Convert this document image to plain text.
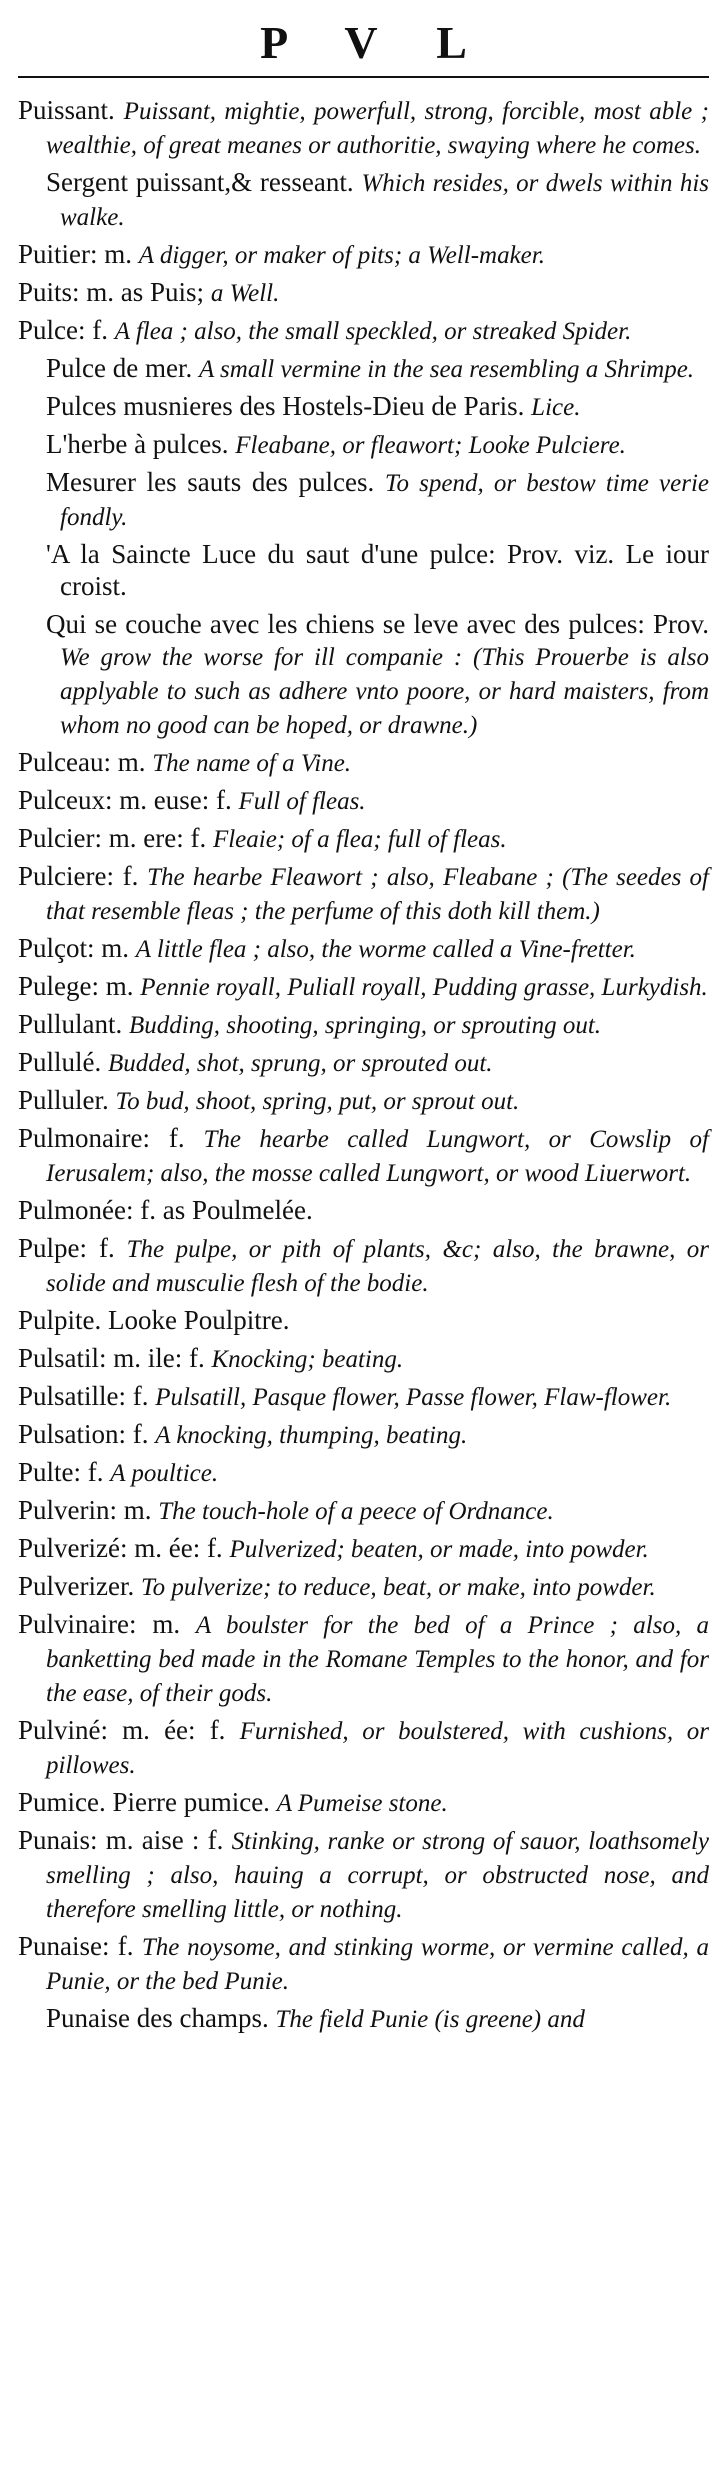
P V L

Puissant. Puissant, mightie, powerfull, strong, forcible, most able ; wealthie, of great meanes or authoritie, swaying where he comes.

Sergent puissant,& resseant. Which resides, or dwels within his walke.

Puitier: m. A digger, or maker of pits; a Well-maker.

Puits: m. as Puis; a Well.

Pulce: f. A flea ; also, the small speckled, or streaked Spider.

Pulce de mer. A small vermine in the sea resembling a Shrimpe.

Pulces musnieres des Hostels-Dieu de Paris. Lice.

L'herbe à pulces. Fleabane, or fleawort; Looke Pulciere.

Mesurer les sauts des pulces. To spend, or bestow time verie fondly.

'A la Saincte Luce du saut d'une pulce: Prov. viz. Le iour croist.

Qui se couche avec les chiens se leve avec des pulces: Prov. We grow the worse for ill companie : (This Prouerbe is also applyable to such as adhere vnto poore, or hard maisters, from whom no good can be hoped, or drawne.)

Pulceau: m. The name of a Vine.

Pulceux: m. euse: f. Full of fleas.

Pulcier: m. ere: f. Fleaie; of a flea; full of fleas.

Pulciere: f. The hearbe Fleawort ; also, Fleabane ; (The seedes of that resemble fleas ; the perfume of this doth kill them.)

Pulçot: m. A little flea ; also, the worme called a Vine-fretter.

Pulege: m. Pennie royall, Puliall royall, Pudding grasse, Lurkydish.

Pullulant. Budding, shooting, springing, or sprouting out.

Pullulé. Budded, shot, sprung, or sprouted out.

Pulluler. To bud, shoot, spring, put, or sprout out.

Pulmonaire: f. The hearbe called Lungwort, or Cowslip of Ierusalem; also, the mosse called Lungwort, or wood Liuerwort.

Pulmonée: f. as Poulmelée.

Pulpe: f. The pulpe, or pith of plants, &c; also, the brawne, or solide and musculie flesh of the bodie.

Pulpite. Looke Poulpitre.

Pulsatil: m. ile: f. Knocking; beating.

Pulsatille: f. Pulsatill, Pasque flower, Passe flower, Flaw-flower.

Pulsation: f. A knocking, thumping, beating.

Pulte: f. A poultice.

Pulverin: m. The touch-hole of a peece of Ordnance.

Pulverizé: m. ée: f. Pulverized; beaten, or made, into powder.

Pulverizer. To pulverize; to reduce, beat, or make, into powder.

Pulvinaire: m. A boulster for the bed of a Prince ; also, a banketting bed made in the Romane Temples to the honor, and for the ease, of their gods.

Pulviné: m. ée: f. Furnished, or boulstered, with cushions, or pillowes.

Pumice. Pierre pumice. A Pumeise stone.

Punais: m. aise : f. Stinking, ranke or strong of sauor, loathsomely smelling ; also, hauing a corrupt, or obstructed nose, and therefore smelling little, or nothing.

Punaise: f. The noysome, and stinking worme, or vermine called, a Punie, or the bed Punie.

Punaise des champs. The field Punie (is greene) and
